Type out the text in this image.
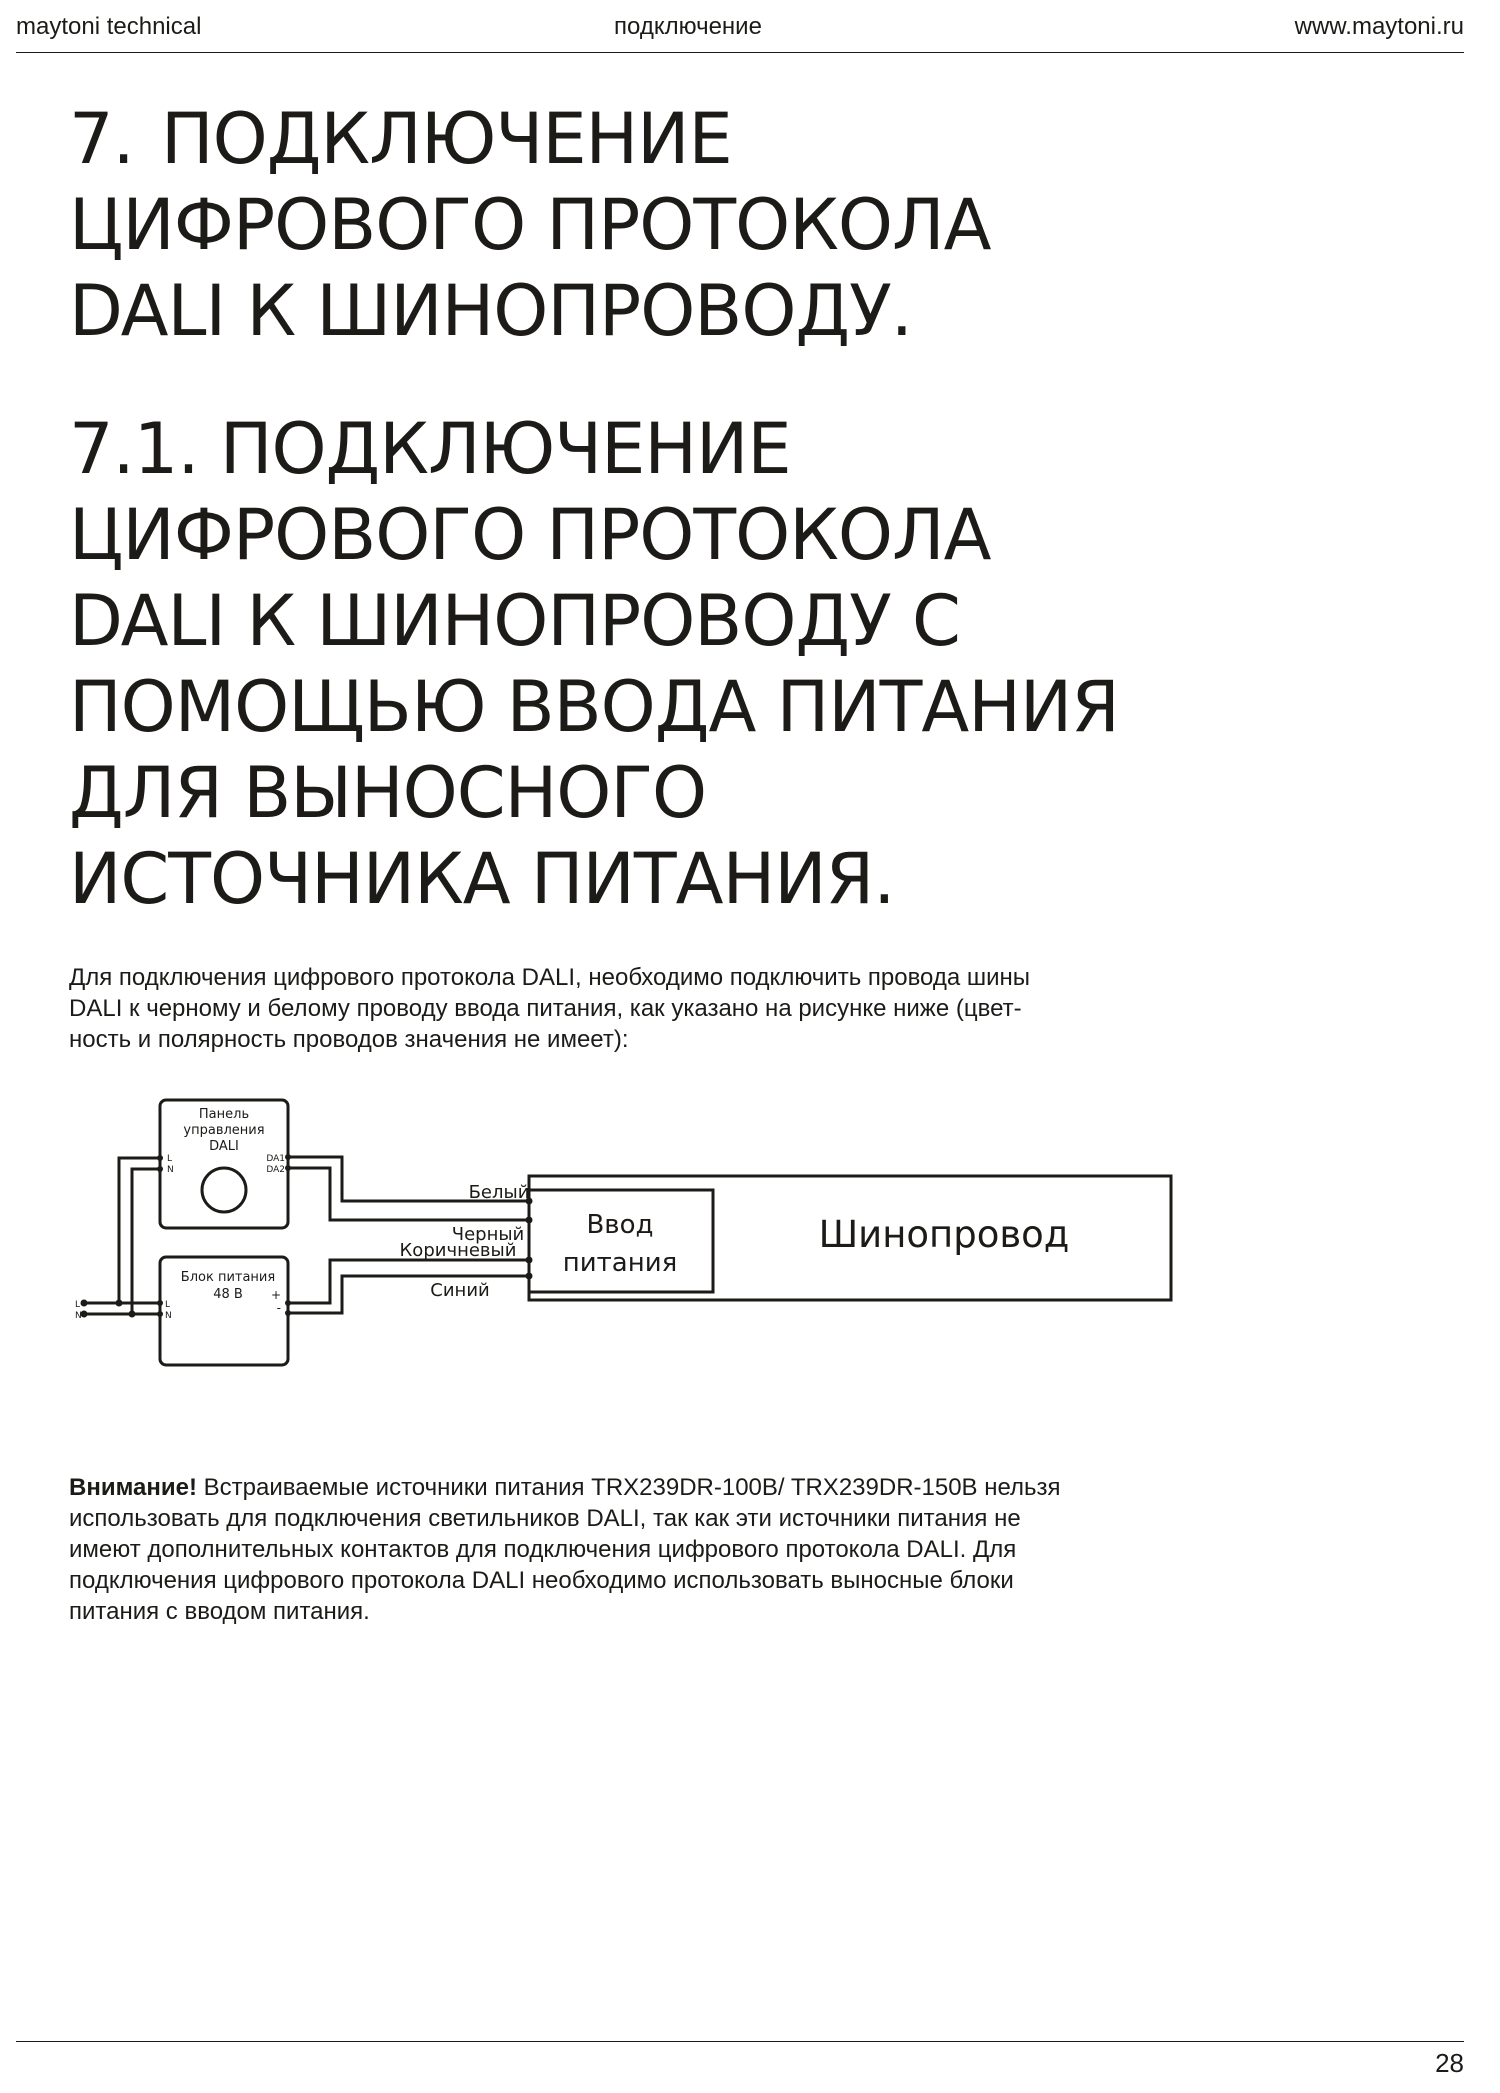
maytoni technical	подключение	www.maytoni.ru
7. ПОДКЛЮЧЕНИЕ
ЦИФРОВОГО ПРОТОКОЛА
DALI К ШИНОПРОВОДУ.
7.1. ПОДКЛЮЧЕНИЕ
ЦИФРОВОГО ПРОТОКОЛА
DALI К ШИНОПРОВОДУ С
ПОМОЩЬЮ ВВОДА ПИТАНИЯ
ДЛЯ ВЫНОСНОГО
ИСТОЧНИКА ПИТАНИЯ.

Для подключения цифрового протокола DALI, необходимо подключить провода шины
DALI к черному и белому проводу ввода питания, как указано на рисунке ниже (цвет-
ность и полярность проводов значения не имеет):

Панель
управления
DALI
L
N
DA1
DA2
Блок питания
48 В
L
N
+
-
L
N
Белый
Черный
Коричневый
Синий
Ввод
питания
Шинопровод

Внимание! Встраиваемые источники питания TRX239DR-100B/ TRX239DR-150B нельзя
использовать для подключения светильников DALI, так как эти источники питания не
имеют дополнительных контактов для подключения цифрового протокола DALI. Для
подключения цифрового протокола DALI необходимо использовать выносные блоки
питания с вводом питания.

28
